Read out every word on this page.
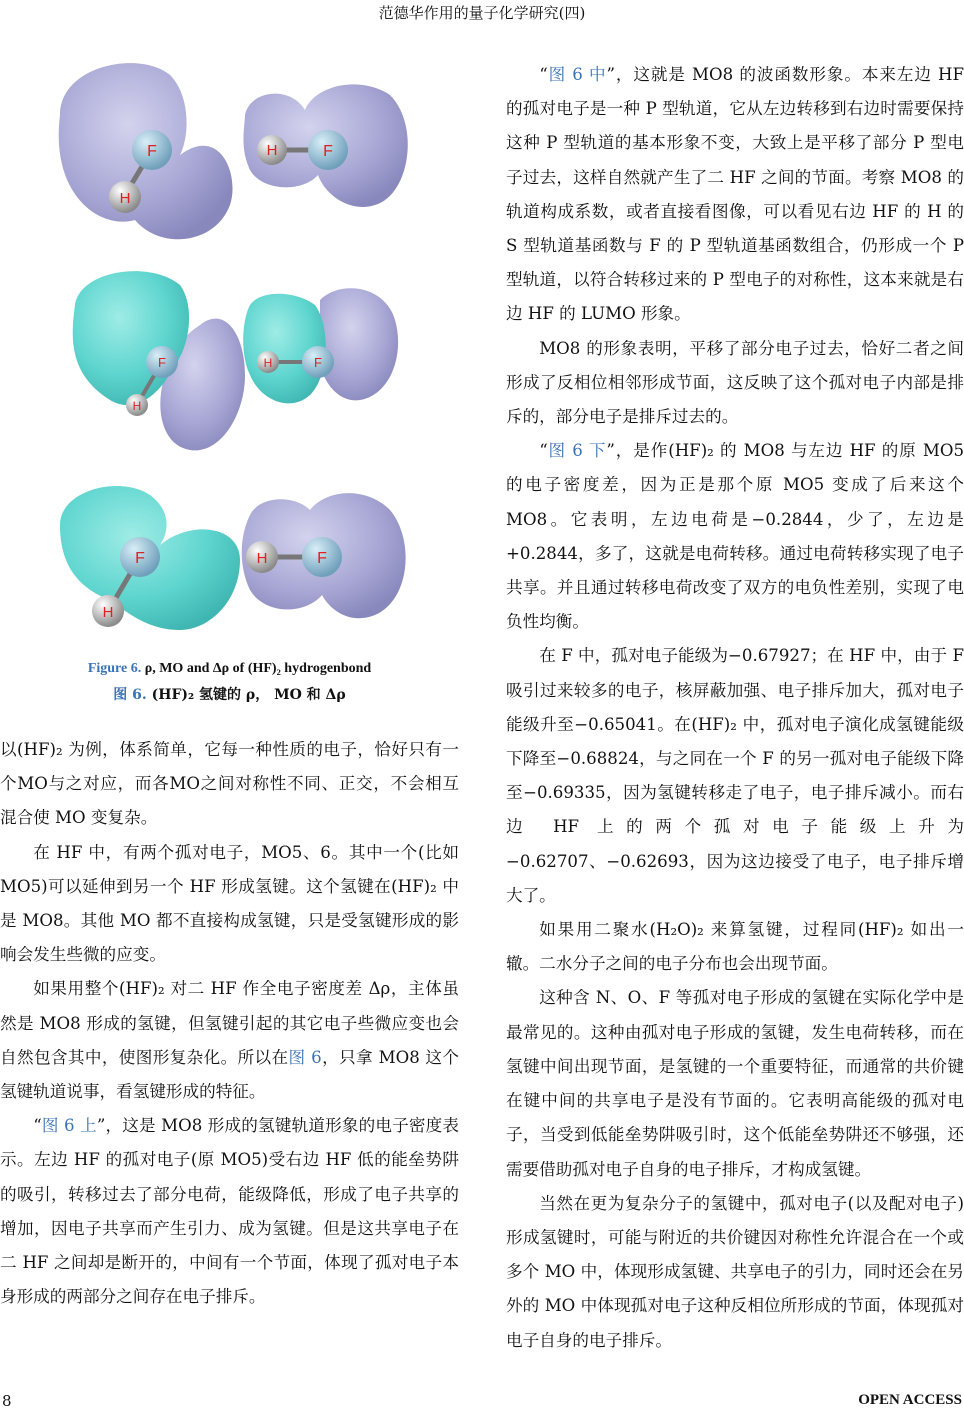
范德华作用的量子化学研究(四)
F
H
H	F
F
H
H	F
F
H
H	F
Figure 6. ρ, MO and Δρ of (HF)₂ hydrogenbond
图 6. (HF)₂ 氢键的 ρ， MO 和 Δρ

以(HF)₂ 为例，体系简单，它每一种性质的电子，恰好只有一个MO与之对应，而各MO之间对称性不同、正交，不会相互混合使 MO 变复杂。

在 HF 中，有两个孤对电子，MO5、6。其中一个(比如 MO5)可以延伸到另一个 HF 形成氢键。这个氢键在(HF)₂ 中是 MO8。其他 MO 都不直接构成氢键，只是受氢键形成的影响会发生些微的应变。

如果用整个(HF)₂ 对二 HF 作全电子密度差 Δρ，主体虽然是 MO8 形成的氢键，但氢键引起的其它电子些微应变也会自然包含其中，使图形复杂化。所以在图 6，只拿 MO8 这个氢键轨道说事，看氢键形成的特征。

“图 6 上”，这是 MO8 形成的氢键轨道形象的电子密度表示。左边 HF 的孤对电子(原 MO5)受右边 HF 低的能垒势阱的吸引，转移过去了部分电荷，能级降低，形成了电子共享的增加，因电子共享而产生引力、成为氢键。但是这共享电子在二 HF 之间却是断开的，中间有一个节面，体现了孤对电子本身形成的两部分之间存在电子排斥。

“图 6 中”，这就是 MO8 的波函数形象。本来左边 HF 的孤对电子是一种 P 型轨道，它从左边转移到右边时需要保持这种 P 型轨道的基本形象不变，大致上是平移了部分 P 型电子过去，这样自然就产生了二 HF 之间的节面。考察 MO8 的轨道构成系数，或者直接看图像，可以看见右边 HF 的 H 的 S 型轨道基函数与 F 的 P 型轨道基函数组合，仍形成一个 P 型轨道，以符合转移过来的 P 型电子的对称性，这本来就是右边 HF 的 LUMO 形象。

MO8 的形象表明，平移了部分电子过去，恰好二者之间形成了反相位相邻形成节面，这反映了这个孤对电子内部是排斥的，部分电子是排斥过去的。

“图 6 下”，是作(HF)₂ 的 MO8 与左边 HF 的原 MO5 的电子密度差，因为正是那个原 MO5 变成了后来这个 MO8。它表明，左边电荷是−0.2844，少了，左边是+0.2844，多了，这就是电荷转移。通过电荷转移实现了电子共享。并且通过转移电荷改变了双方的电负性差别，实现了电负性均衡。

在 F 中，孤对电子能级为−0.67927；在 HF 中，由于 F 吸引过来较多的电子，核屏蔽加强、电子排斥加大，孤对电子能级升至−0.65041。在(HF)₂ 中，孤对电子演化成氢键能级下降至−0.68824，与之同在一个 F 的另一孤对电子能级下降至−0.69335，因为氢键转移走了电子，电子排斥减小。而右边 HF 上的两个孤对电子能级上升为−0.62707、−0.62693，因为这边接受了电子，电子排斥增大了。

如果用二聚水(H₂O)₂ 来算氢键，过程同(HF)₂ 如出一辙。二水分子之间的电子分布也会出现节面。

这种含 N、O、F 等孤对电子形成的氢键在实际化学中是最常见的。这种由孤对电子形成的氢键，发生电荷转移，而在氢键中间出现节面，是氢键的一个重要特征，而通常的共价键在键中间的共享电子是没有节面的。它表明高能级的孤对电子，当受到低能垒势阱吸引时，这个低能垒势阱还不够强，还需要借助孤对电子自身的电子排斥，才构成氢键。

当然在更为复杂分子的氢键中，孤对电子(以及配对电子)形成氢键时，可能与附近的共价键因对称性允许混合在一个或多个 MO 中，体现形成氢键、共享电子的引力，同时还会在另外的 MO 中体现孤对电子这种反相位所形成的节面，体现孤对电子自身的电子排斥。

8	OPEN ACCESS
